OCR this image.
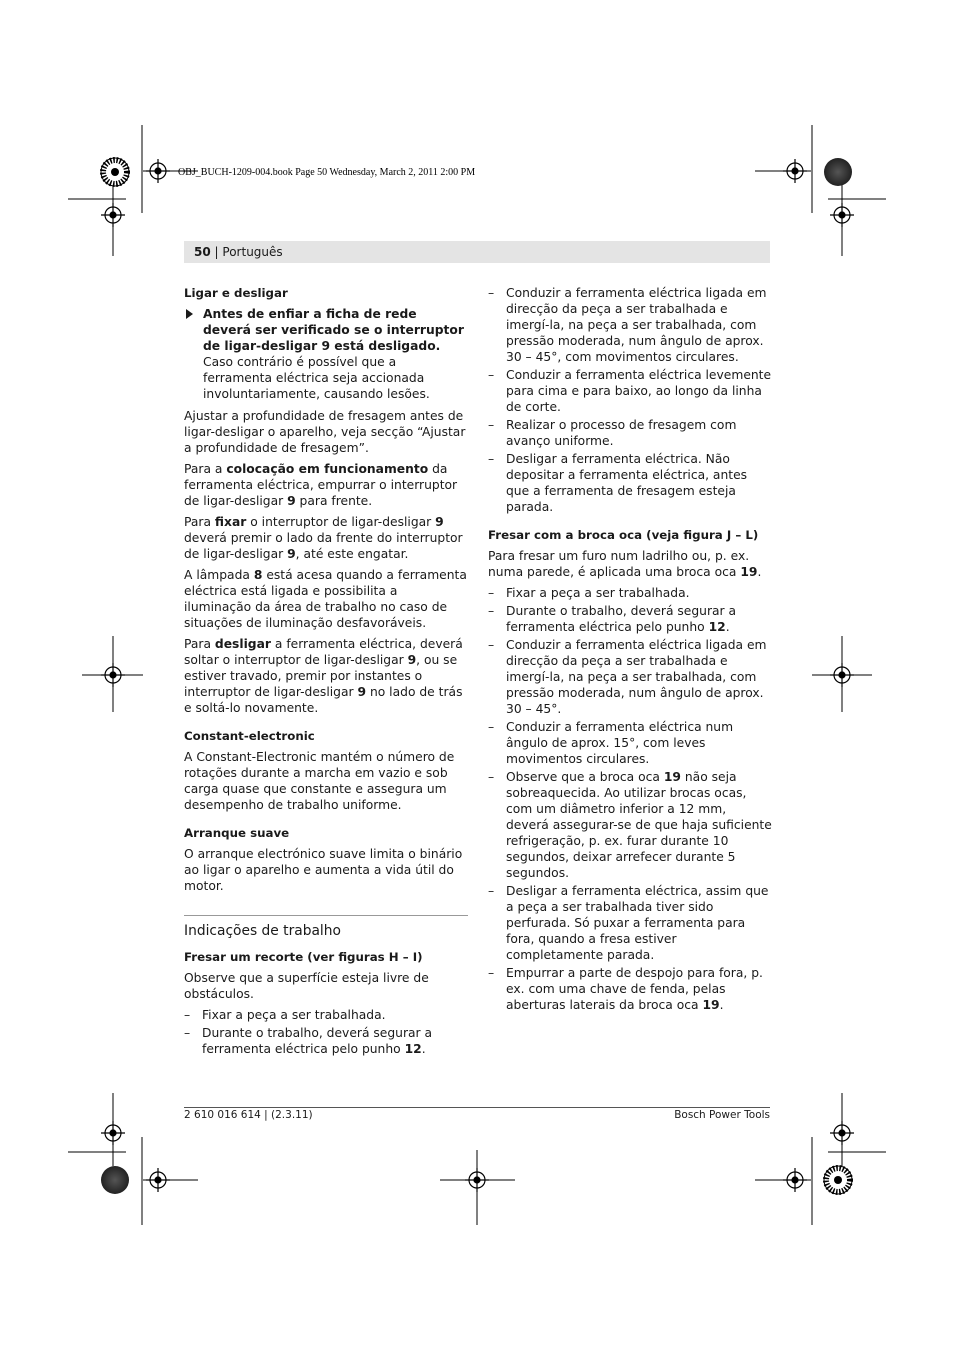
OBJ_BUCH-1209-004.book Page 50 Wednesday, March 2, 2011 2:00 PM
50 | Português
Ligar e desligar

Antes de enfiar a ficha de rede deverá ser verificado se o interruptor de ligar-desligar 9 está desligado. Caso contrário é possível que a ferramenta eléctrica seja accionada involuntariamente, causando lesões.

Ajustar a profundidade de fresagem antes de ligar-desligar o aparelho, veja secção “Ajustar a profundidade de fresagem”.

Para a colocação em funcionamento da ferramenta eléctrica, empurrar o interruptor de ligar-desligar 9 para frente.

Para fixar o interruptor de ligar-desligar 9 deverá premir o lado da frente do interruptor de ligar-desligar 9, até este engatar.

A lâmpada 8 está acesa quando a ferramenta eléctrica está ligada e possibilita a iluminação da área de trabalho no caso de situações de iluminação desfavoráveis.

Para desligar a ferramenta eléctrica, deverá soltar o interruptor de ligar-desligar 9, ou se estiver travado, premir por instantes o interruptor de ligar-desligar 9 no lado de trás e soltá-lo novamente.

Constant-electronic

A Constant-Electronic mantém o número de rotações durante a marcha em vazio e sob carga quase que constante e assegura um desempenho de trabalho uniforme.

Arranque suave

O arranque electrónico suave limita o binário ao ligar o aparelho e aumenta a vida útil do motor.

Indicações de trabalho
Fresar um recorte (ver figuras H – I)

Observe que a superfície esteja livre de obstáculos.

– Fixar a peça a ser trabalhada.
– Durante o trabalho, deverá segurar a ferramenta eléctrica pelo punho 12.
– Conduzir a ferramenta eléctrica ligada em direcção da peça a ser trabalhada e imergí-la, na peça a ser trabalhada, com pressão moderada, num ângulo de aprox. 30 – 45°, com movimentos circulares.
– Conduzir a ferramenta eléctrica levemente para cima e para baixo, ao longo da linha de corte.
– Realizar o processo de fresagem com avanço uniforme.
– Desligar a ferramenta eléctrica. Não depositar a ferramenta eléctrica, antes que a ferramenta de fresagem esteja parada.
Fresar com a broca oca (veja figura J – L)

Para fresar um furo num ladrilho ou, p. ex. numa parede, é aplicada uma broca oca 19.

– Fixar a peça a ser trabalhada.
– Durante o trabalho, deverá segurar a ferramenta eléctrica pelo punho 12.
– Conduzir a ferramenta eléctrica ligada em direcção da peça a ser trabalhada e imergí-la, na peça a ser trabalhada, com pressão moderada, num ângulo de aprox. 30 – 45°.
– Conduzir a ferramenta eléctrica num ângulo de aprox. 15°, com leves movimentos circulares.
– Observe que a broca oca 19 não seja sobreaquecida. Ao utilizar brocas ocas, com um diâmetro inferior a 12 mm, deverá assegurar-se de que haja suficiente refrigeração, p. ex. furar durante 10 segundos, deixar arrefecer durante 5 segundos.
– Desligar a ferramenta eléctrica, assim que a peça a ser trabalhada tiver sido perfurada. Só puxar a ferramenta para fora, quando a fresa estiver completamente parada.
– Empurrar a parte de despojo para fora, p. ex. com uma chave de fenda, pelas aberturas laterais da broca oca 19.
2 610 016 614 | (2.3.11)	Bosch Power Tools
